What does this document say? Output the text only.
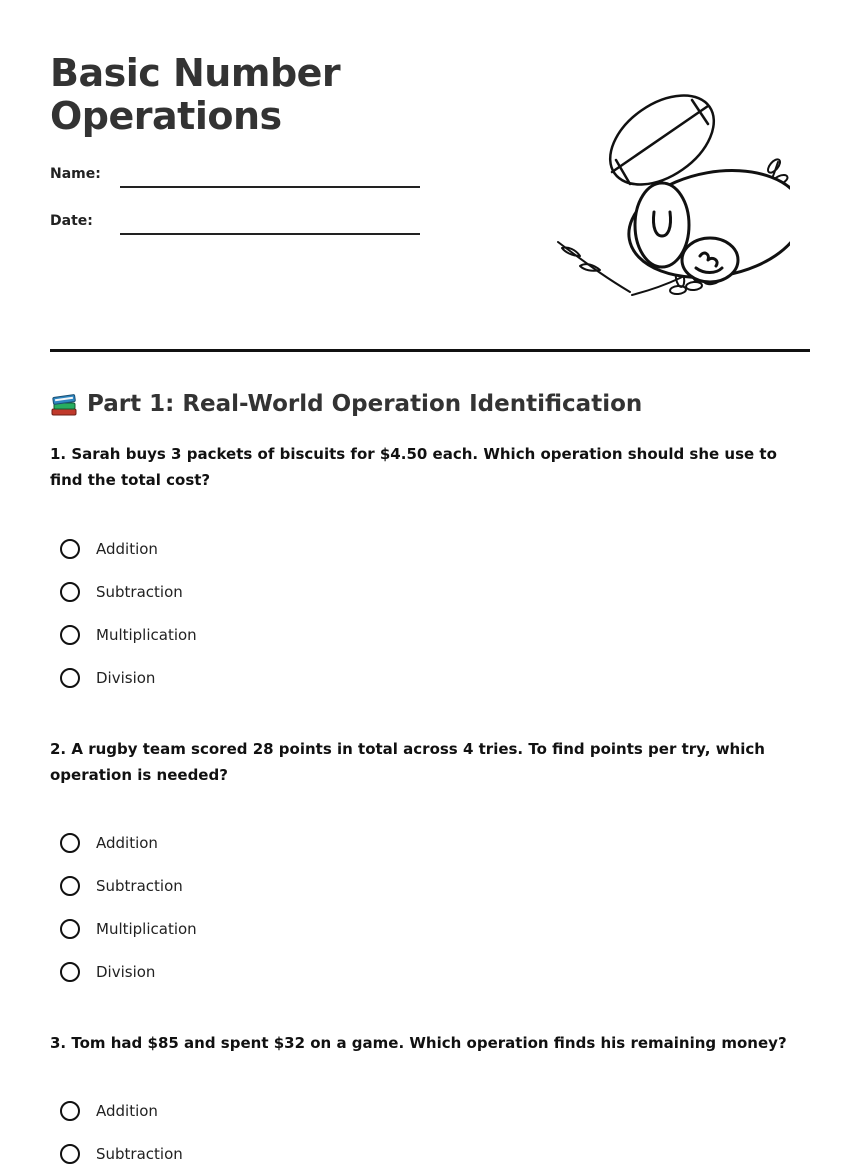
Basic Number
Operations
Name:
Date:
Part 1: Real-World Operation Identification

1. Sarah buys 3 packets of biscuits for $4.50 each. Which operation should she use to find the total cost?

Addition
Subtraction
Multiplication
Division

2. A rugby team scored 28 points in total across 4 tries. To find points per try, which operation is needed?

Addition
Subtraction
Multiplication
Division

3. Tom had $85 and spent $32 on a game. Which operation finds his remaining money?

Addition
Subtraction
